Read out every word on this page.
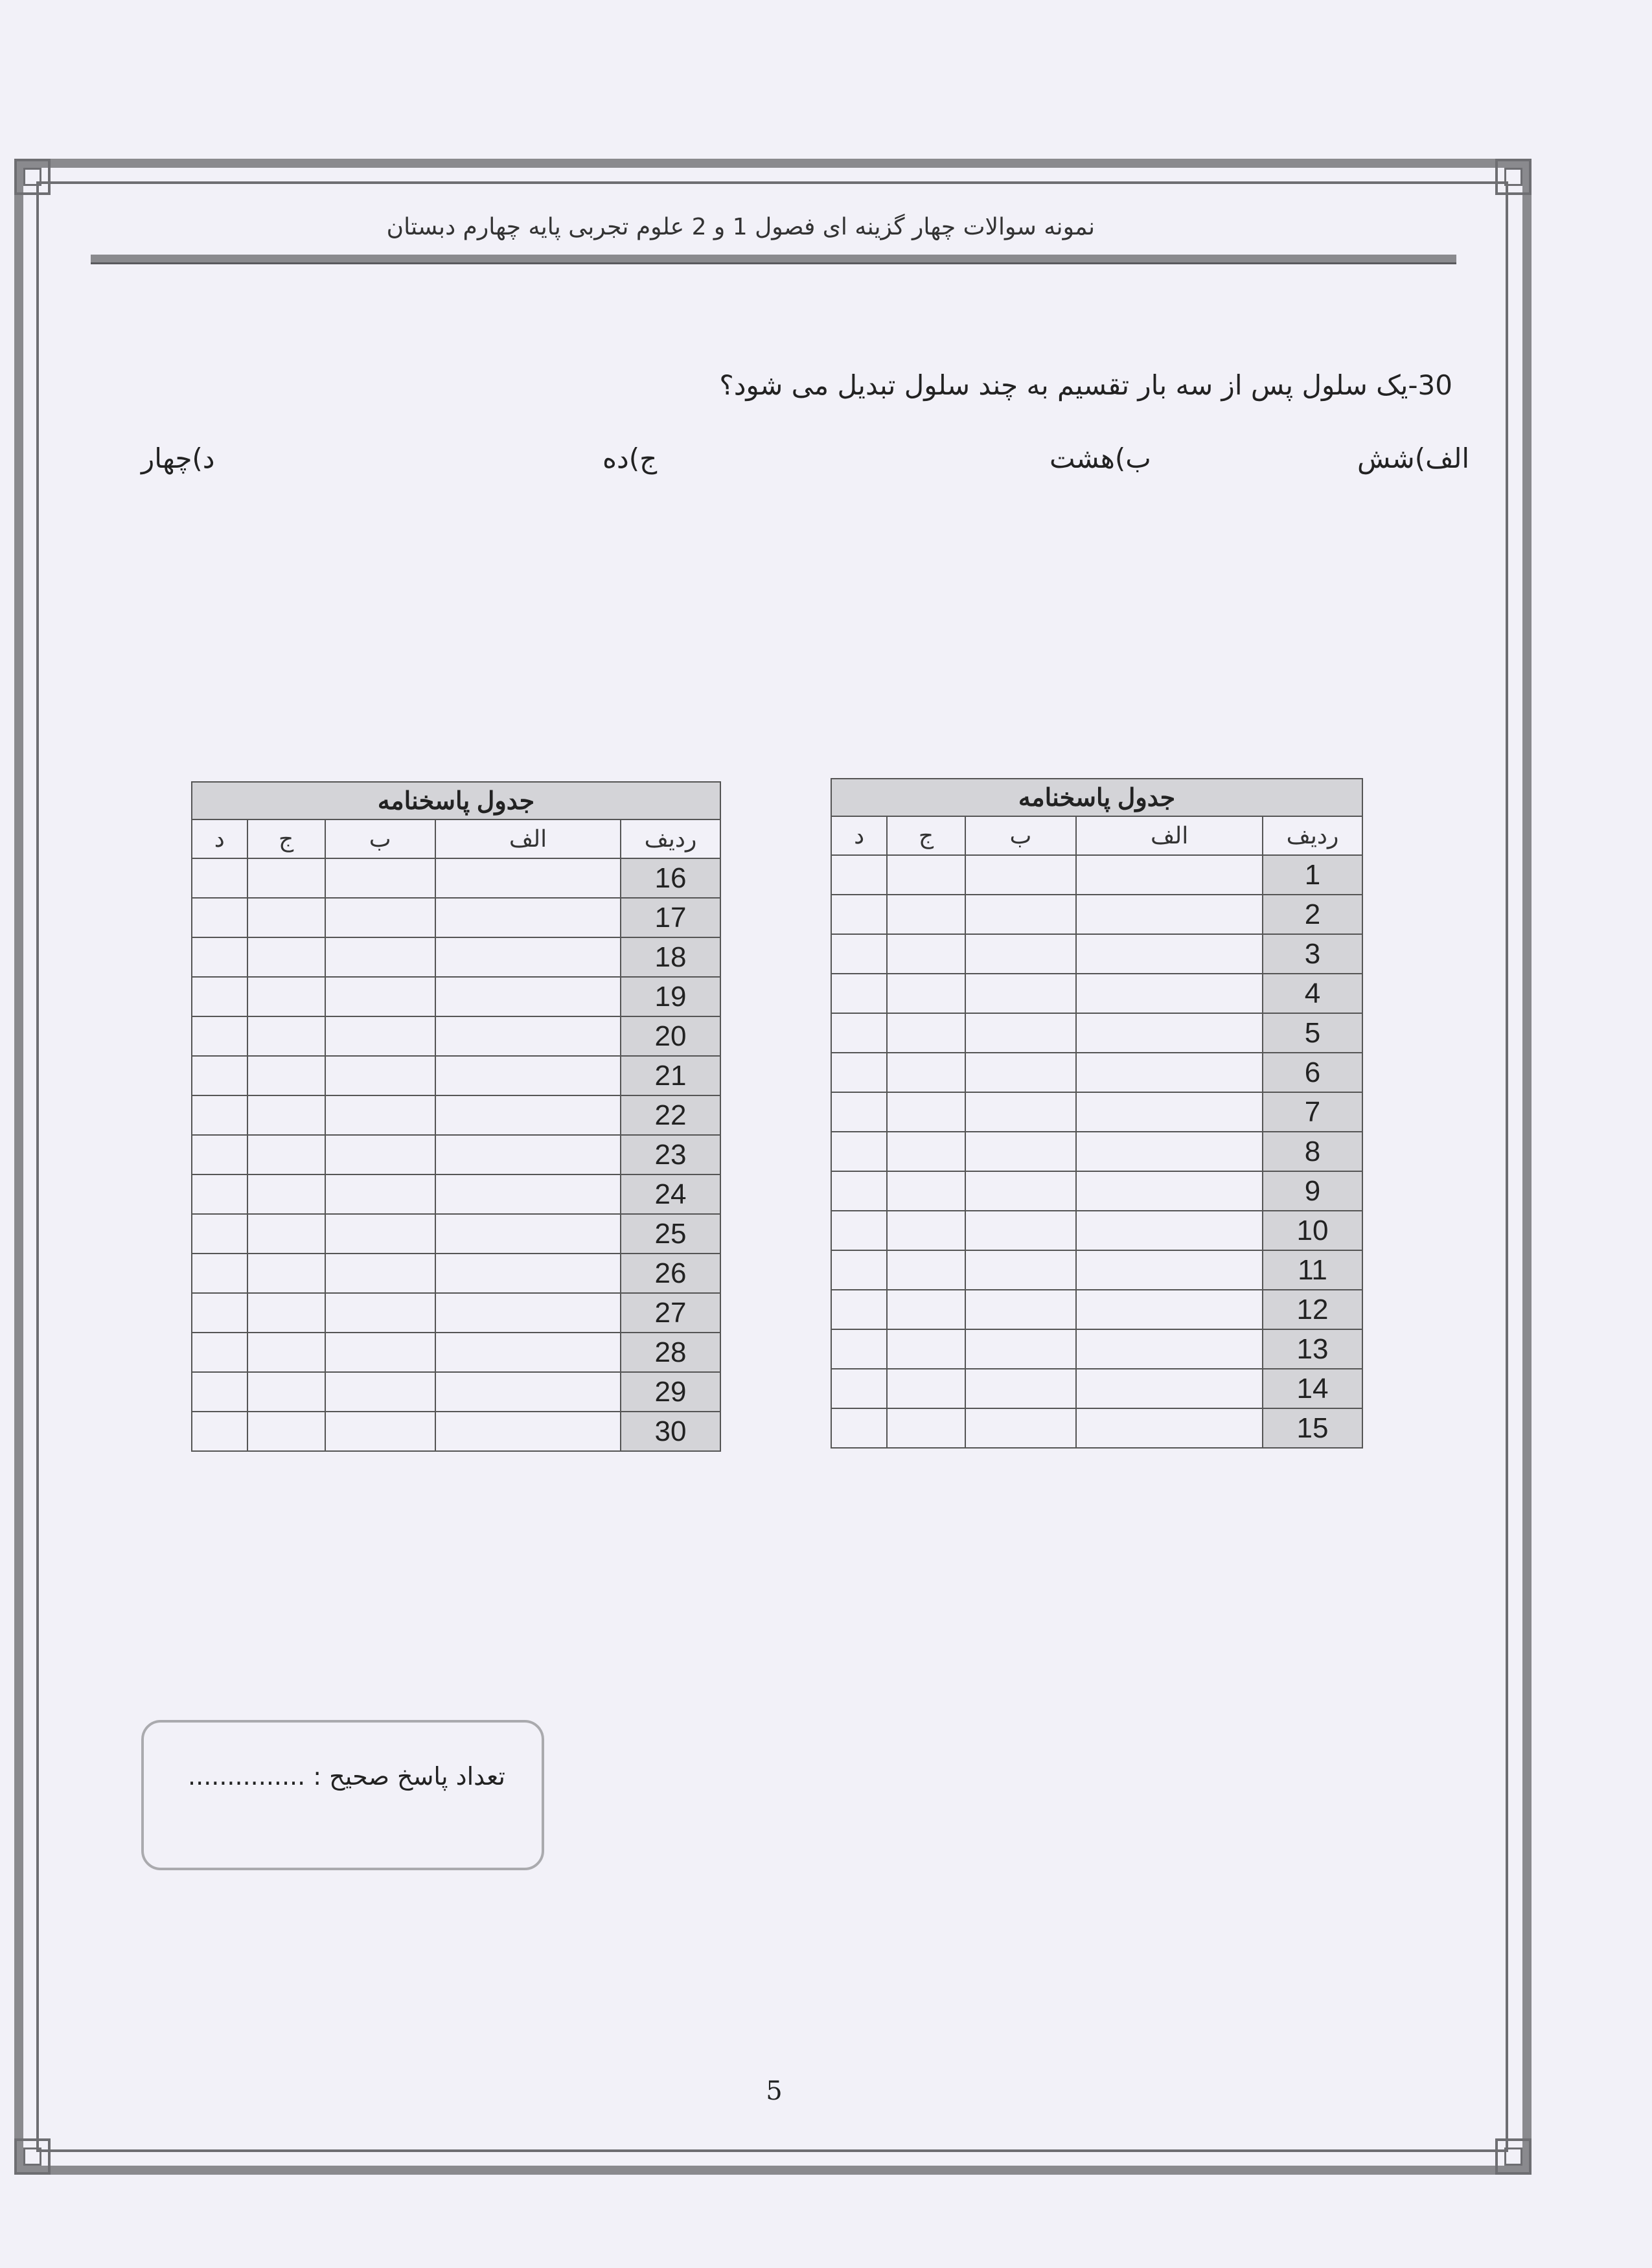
نمونه سوالات چهار گزینه ای فصول 1 و 2 علوم تجربی پایه چهارم دبستان
30-یک سلول پس از سه بار تقسیم به چند سلول تبدیل می شود؟
الف)شش
ب)هشت
ج)ده
د)چهار
جدول پاسخنامه				
ردیف	الف	ب	ج	د
1				
2				
3				
4				
5				
6				
7				
8				
9				
10				
11				
12				
13				
14				
15				
جدول پاسخنامه				
ردیف	الف	ب	ج	د
16				
17				
18				
19				
20				
21				
22				
23				
24				
25				
26				
27				
28				
29				
30				
تعداد پاسخ صحیح : ...............
5
